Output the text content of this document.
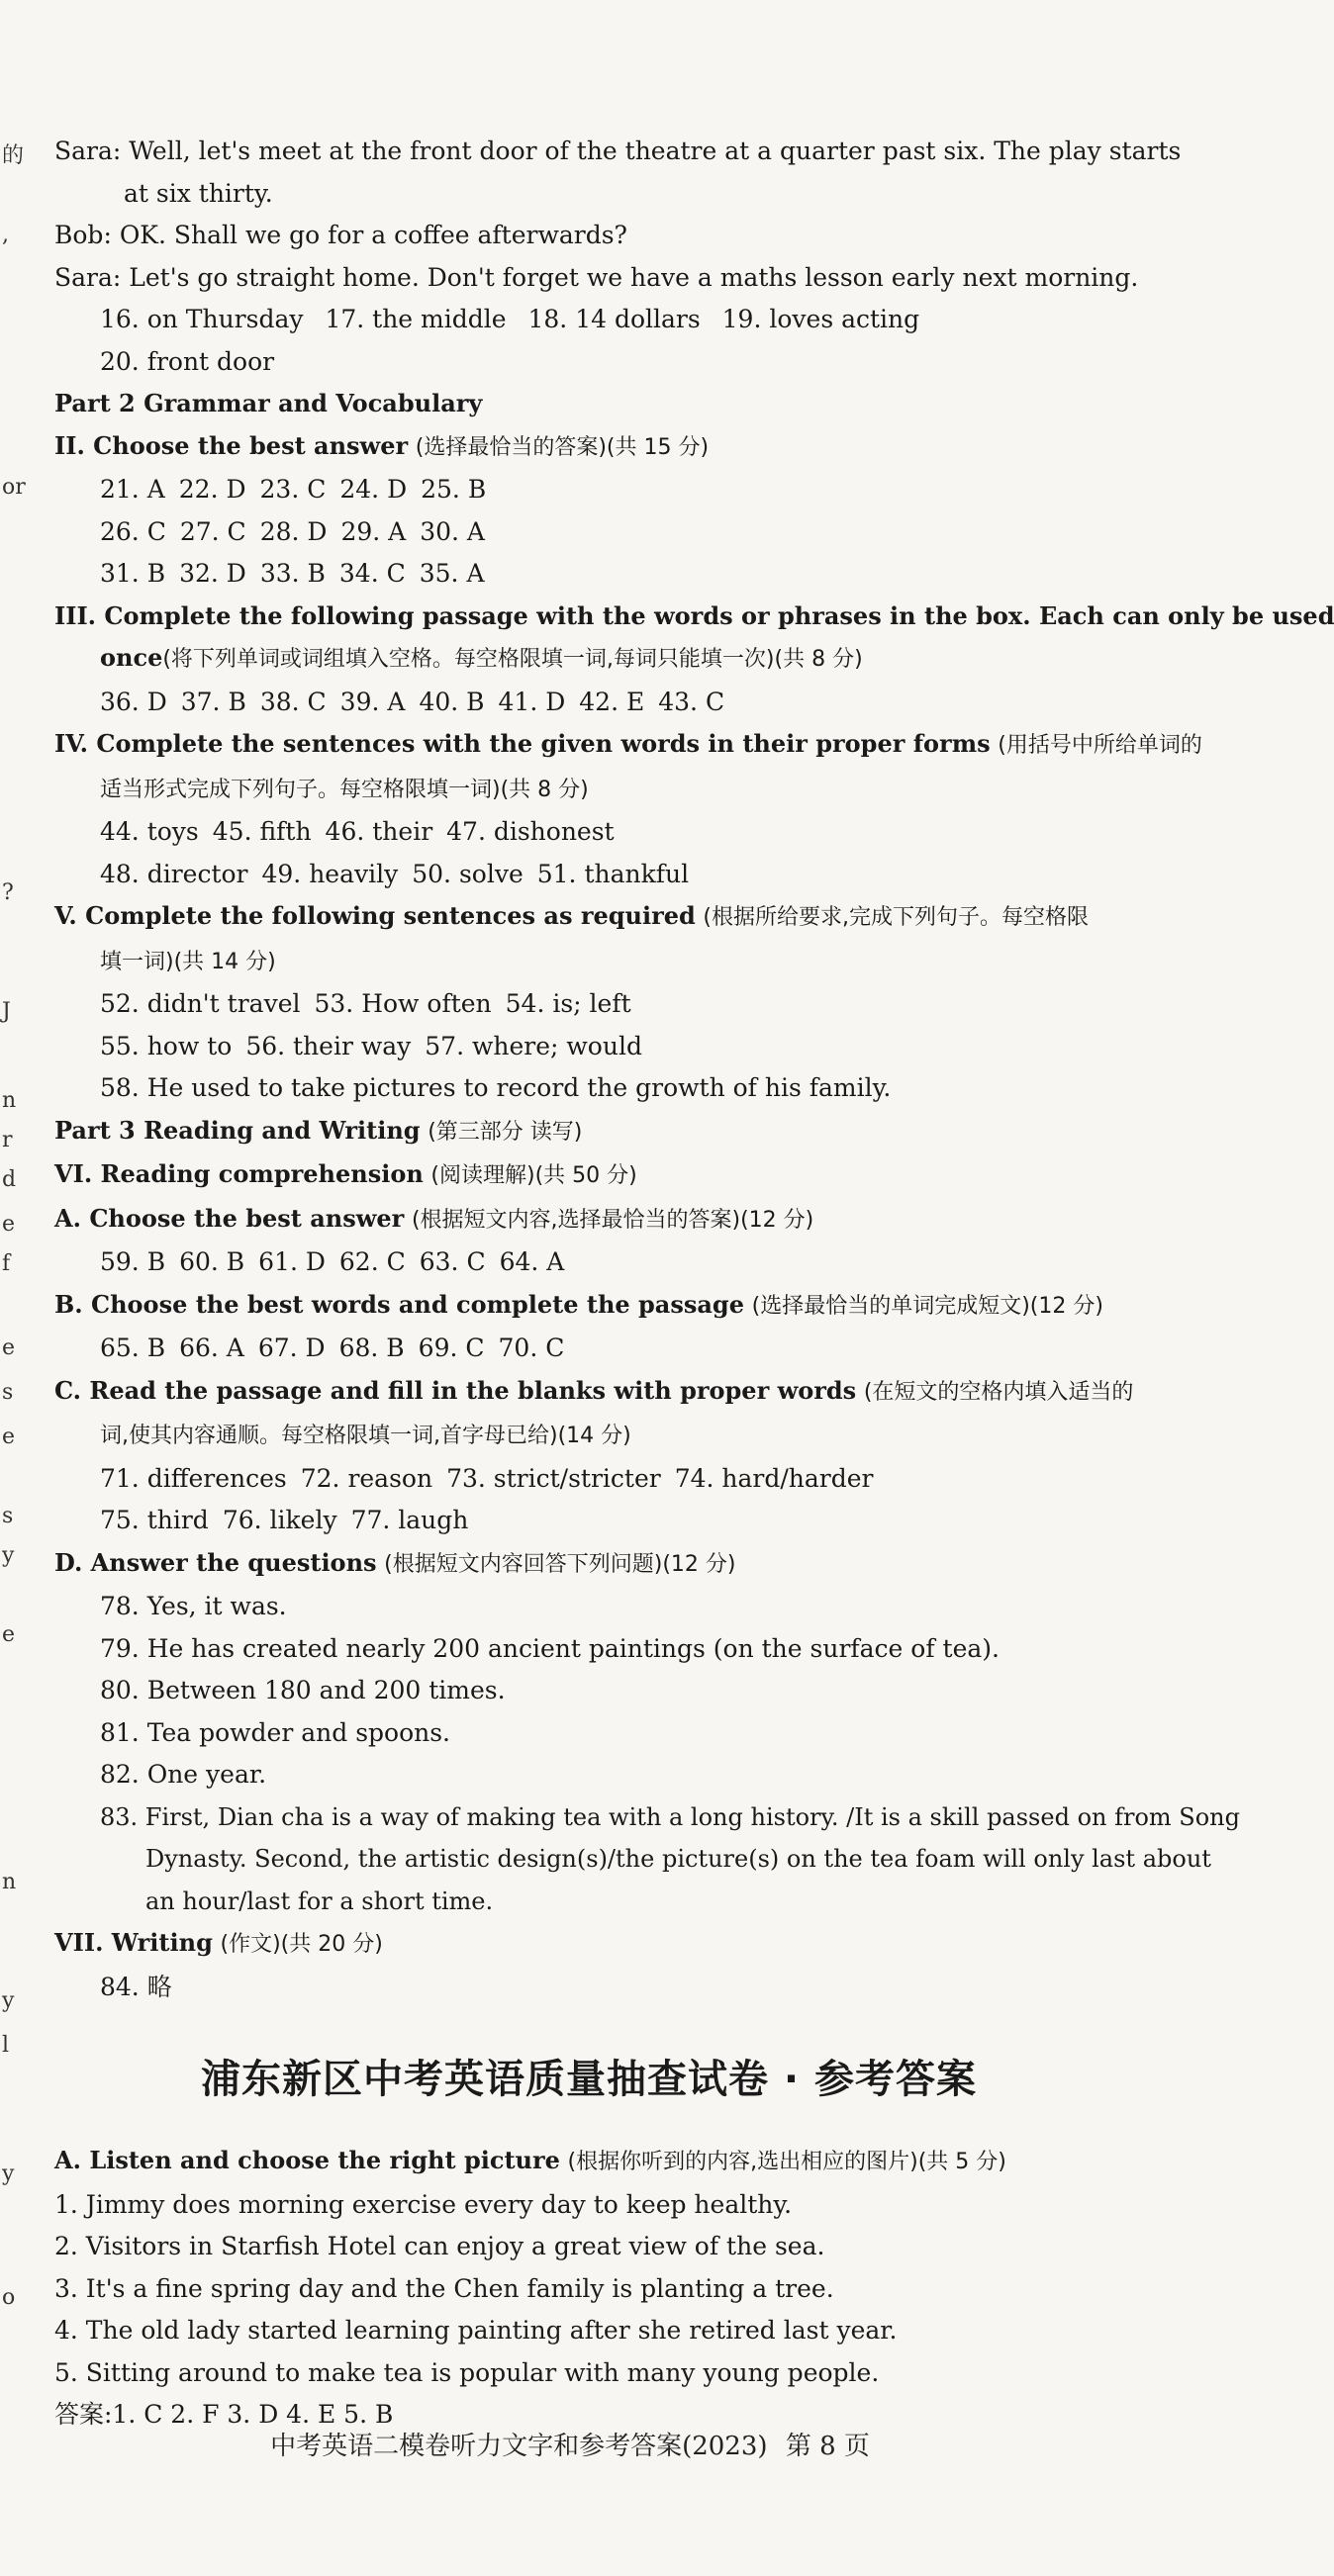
的
,
or
?
J
n
r
d
e
f
e
s
e
s
y
e
n
y
l
y
o
Sara: Well, let's meet at the front door of the theatre at a quarter past six. The play starts
at six thirty.
Bob: OK. Shall we go for a coffee afterwards?
Sara: Let's go straight home. Don't forget we have a maths lesson early next morning.
16. on Thursday 17. the middle 18. 14 dollars 19. loves acting
20. front door
Part 2 Grammar and Vocabulary
II. Choose the best answer (选择最恰当的答案)(共 15 分)
21. A 22. D 23. C 24. D 25. B
26. C 27. C 28. D 29. A 30. A
31. B 32. D 33. B 34. C 35. A
III. Complete the following passage with the words or phrases in the box. Each can only be used
once(将下列单词或词组填入空格。每空格限填一词,每词只能填一次)(共 8 分)
36. D 37. B 38. C 39. A 40. B 41. D 42. E 43. C
IV. Complete the sentences with the given words in their proper forms (用括号中所给单词的
适当形式完成下列句子。每空格限填一词)(共 8 分)
44. toys 45. fifth 46. their 47. dishonest
48. director 49. heavily 50. solve 51. thankful
V. Complete the following sentences as required (根据所给要求,完成下列句子。每空格限
填一词)(共 14 分)
52. didn't travel 53. How often 54. is; left
55. how to 56. their way 57. where; would
58. He used to take pictures to record the growth of his family.
Part 3 Reading and Writing (第三部分 读写)
VI. Reading comprehension (阅读理解)(共 50 分)
A. Choose the best answer (根据短文内容,选择最恰当的答案)(12 分)
59. B 60. B 61. D 62. C 63. C 64. A
B. Choose the best words and complete the passage (选择最恰当的单词完成短文)(12 分)
65. B 66. A 67. D 68. B 69. C 70. C
C. Read the passage and fill in the blanks with proper words (在短文的空格内填入适当的
词,使其内容通顺。每空格限填一词,首字母已给)(14 分)
71. differences 72. reason 73. strict/stricter 74. hard/harder
75. third 76. likely 77. laugh
D. Answer the questions (根据短文内容回答下列问题)(12 分)
78. Yes, it was.
79. He has created nearly 200 ancient paintings (on the surface of tea).
80. Between 180 and 200 times.
81. Tea powder and spoons.
82. One year.
83. First, Dian cha is a way of making tea with a long history. /It is a skill passed on from Song
Dynasty. Second, the artistic design(s)/the picture(s) on the tea foam will only last about
an hour/last for a short time.
VII. Writing (作文)(共 20 分)
84. 略
浦东新区中考英语质量抽查试卷 · 参考答案
A. Listen and choose the right picture (根据你听到的内容,选出相应的图片)(共 5 分)
1. Jimmy does morning exercise every day to keep healthy.
2. Visitors in Starfish Hotel can enjoy a great view of the sea.
3. It's a fine spring day and the Chen family is planting a tree.
4. The old lady started learning painting after she retired last year.
5. Sitting around to make tea is popular with many young people.
答案:1. C 2. F 3. D 4. E 5. B
中考英语二模卷听力文字和参考答案(2023) 第 8 页
